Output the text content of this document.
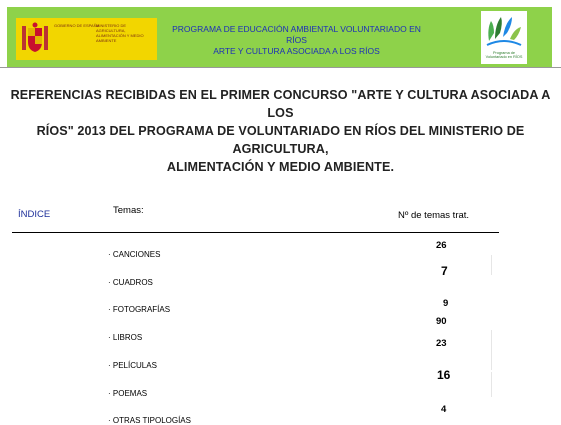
GOBIERNO DE ESPAÑA
MINISTERIO DE AGRICULTURA, ALIMENTACIÓN Y MEDIO AMBIENTE
PROGRAMA DE EDUCACIÓN AMBIENTAL VOLUNTARIADO EN RÍOS
ARTE Y CULTURA ASOCIADA A LOS RÍOS	Programa de Voluntariado en RÍOS
REFERENCIAS RECIBIDAS EN EL PRIMER CONCURSO "ARTE Y CULTURA ASOCIADA A LOS
RÍOS" 2013 DEL PROGRAMA DE VOLUNTARIADO EN RÍOS DEL MINISTERIO DE AGRICULTURA,
ALIMENTACIÓN Y MEDIO AMBIENTE.
ÍNDICE	Temas:	Nº de temas trat.
· CANCIONES
26
· CUADROS
7
· FOTOGRAFÍAS
9
· LIBROS
90
· PELÍCULAS
23
· POEMAS
16
· OTRAS TIPOLOGÍAS
4
